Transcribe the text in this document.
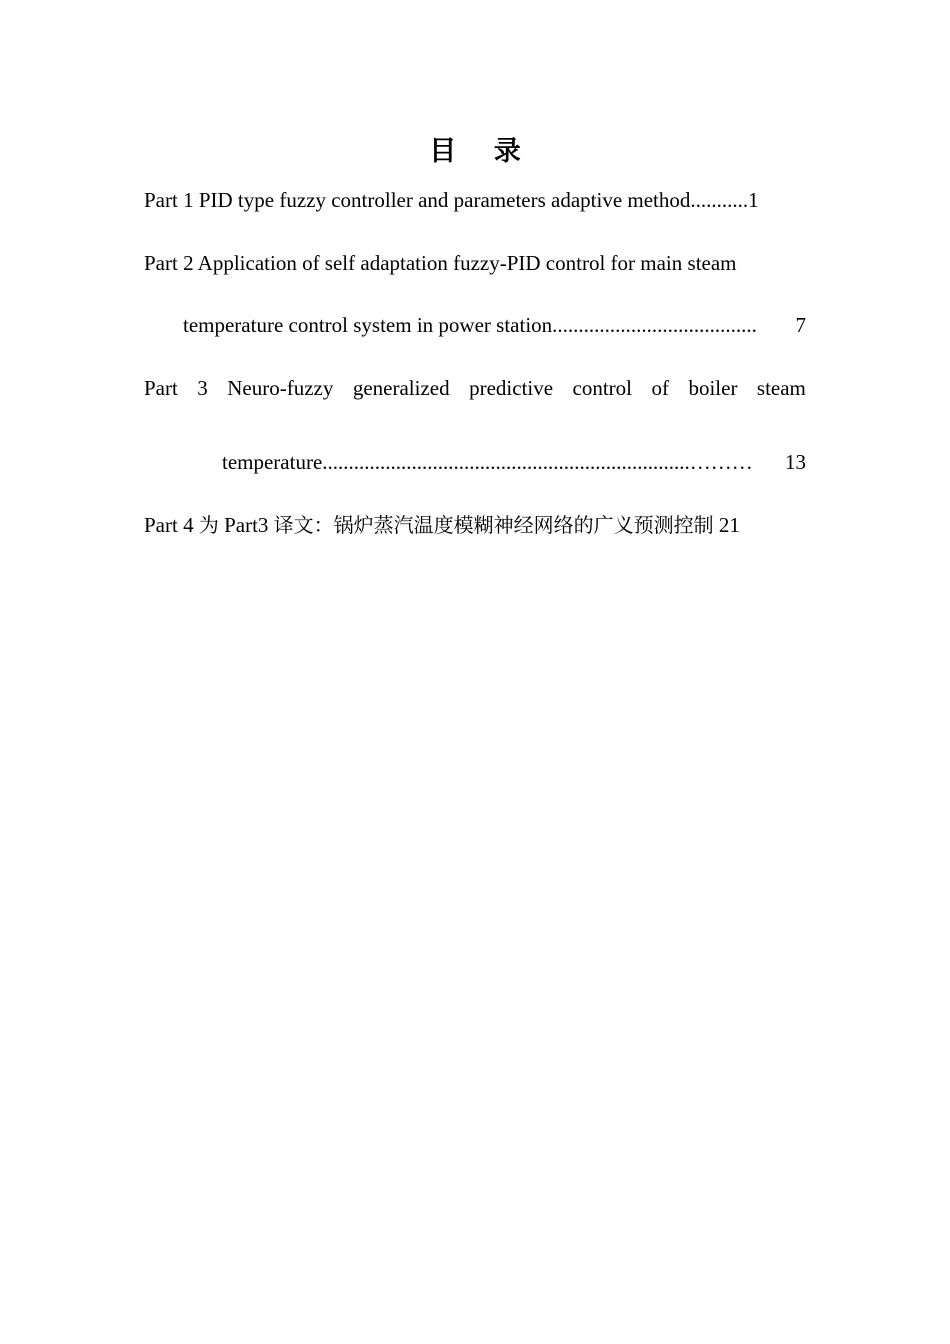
目 录
Part 1 PID type fuzzy controller and parameters adaptive method...........1
Part 2 Application of self adaptation fuzzy-PID control for main steam
temperature control system in power station .......................................	7
Part 3 Neuro-fuzzy generalized predictive control of boiler steam
temperature ......................................................................………	13
Part 4 为 Part3 译文：锅炉蒸汽温度模糊神经网络的广义预测控制 21
